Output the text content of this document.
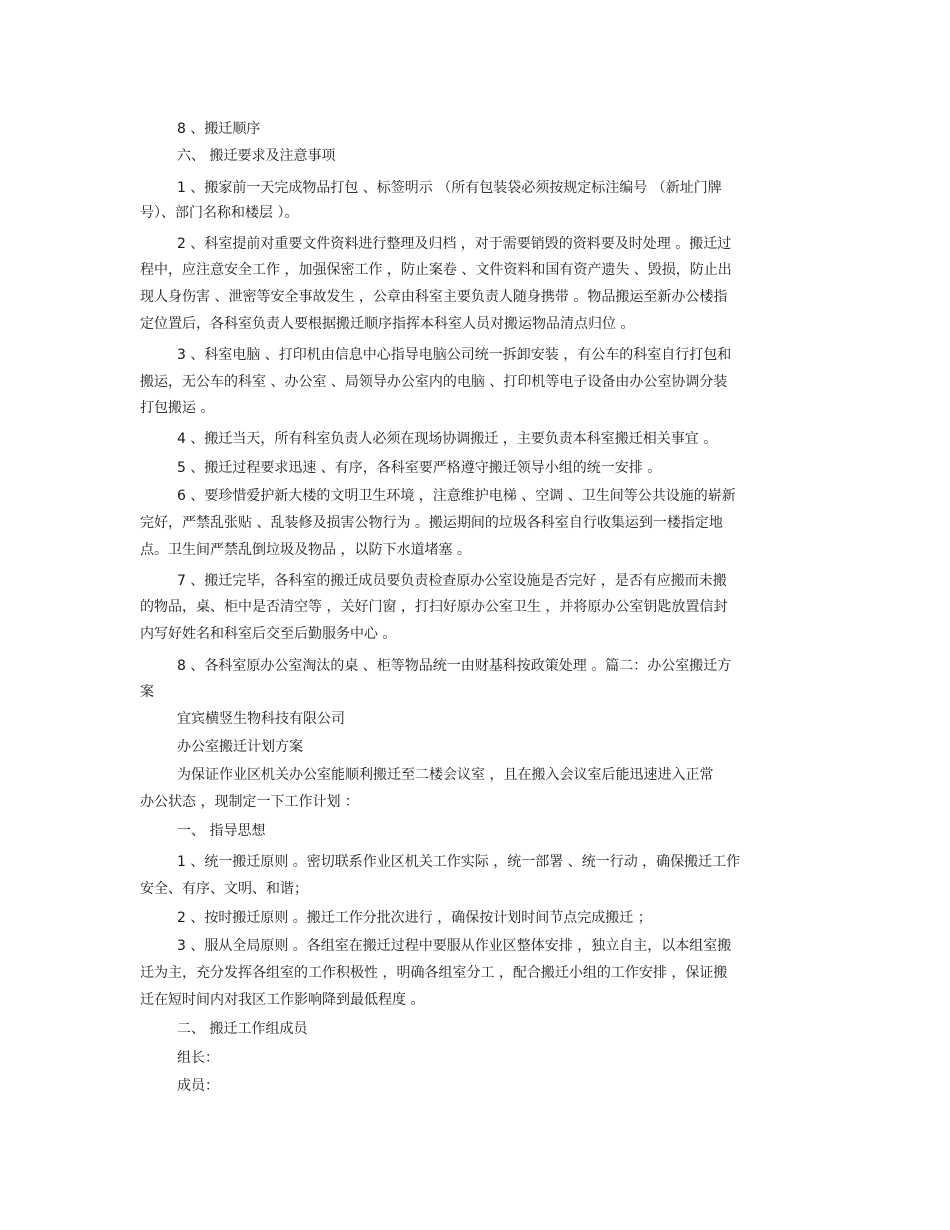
8 、搬迁顺序
六、 搬迁要求及注意事项
1 、搬家前一天完成物品打包 、标签明示 （所有包装袋必须按规定标注编号 （新址门牌
号）、部门名称和楼层 ）。
2 、科室提前对重要文件资料进行整理及归档 ，对于需要销毁的资料要及时处理 。搬迁过
程中，应注意安全工作 ，加强保密工作 ，防止案卷 、文件资料和国有资产遗失 、毁损，防止出
现人身伤害 、泄密等安全事故发生 ，公章由科室主要负责人随身携带 。物品搬运至新办公楼指
定位置后，各科室负责人要根据搬迁顺序指挥本科室人员对搬运物品清点归位 。
3 、科室电脑 、打印机由信息中心指导电脑公司统一拆卸安装 ，有公车的科室自行打包和
搬运，无公车的科室 、办公室 、局领导办公室内的电脑 、打印机等电子设备由办公室协调分装
打包搬运 。
4 、搬迁当天，所有科室负责人必须在现场协调搬迁 ，主要负责本科室搬迁相关事宜 。
5 、搬迁过程要求迅速 、有序，各科室要严格遵守搬迁领导小组的统一安排 。
6 、要珍惜爱护新大楼的文明卫生环境 ，注意维护电梯 、空调 、卫生间等公共设施的崭新
完好，严禁乱张贴 、乱装修及损害公物行为 。搬运期间的垃圾各科室自行收集运到一楼指定地
点。卫生间严禁乱倒垃圾及物品 ，以防下水道堵塞 。
7 、搬迁完毕，各科室的搬迁成员要负责检查原办公室设施是否完好 ，是否有应搬而未搬
的物品，桌、柜中是否清空等 ，关好门窗 ，打扫好原办公室卫生 ，并将原办公室钥匙放置信封
内写好姓名和科室后交至后勤服务中心 。
8 、各科室原办公室淘汰的桌 、柜等物品统一由财基科按政策处理 。篇二：办公室搬迁方
案
宜宾横竖生物科技有限公司
办公室搬迁计划方案
为保证作业区机关办公室能顺利搬迁至二楼会议室 ，且在搬入会议室后能迅速进入正常
办公状态 ，现制定一下工作计划 ：
一、 指导思想
1 、统一搬迁原则 。密切联系作业区机关工作实际 ，统一部署 、统一行动 ，确保搬迁工作
安全、有序、文明、和谐；
2 、按时搬迁原则 。搬迁工作分批次进行 ，确保按计划时间节点完成搬迁 ；
3 、服从全局原则 。各组室在搬迁过程中要服从作业区整体安排 ，独立自主，以本组室搬
迁为主，充分发挥各组室的工作积极性 ，明确各组室分工 ，配合搬迁小组的工作安排 ，保证搬
迁在短时间内对我区工作影响降到最低程度 。
二、 搬迁工作组成员
组长：
成员：
